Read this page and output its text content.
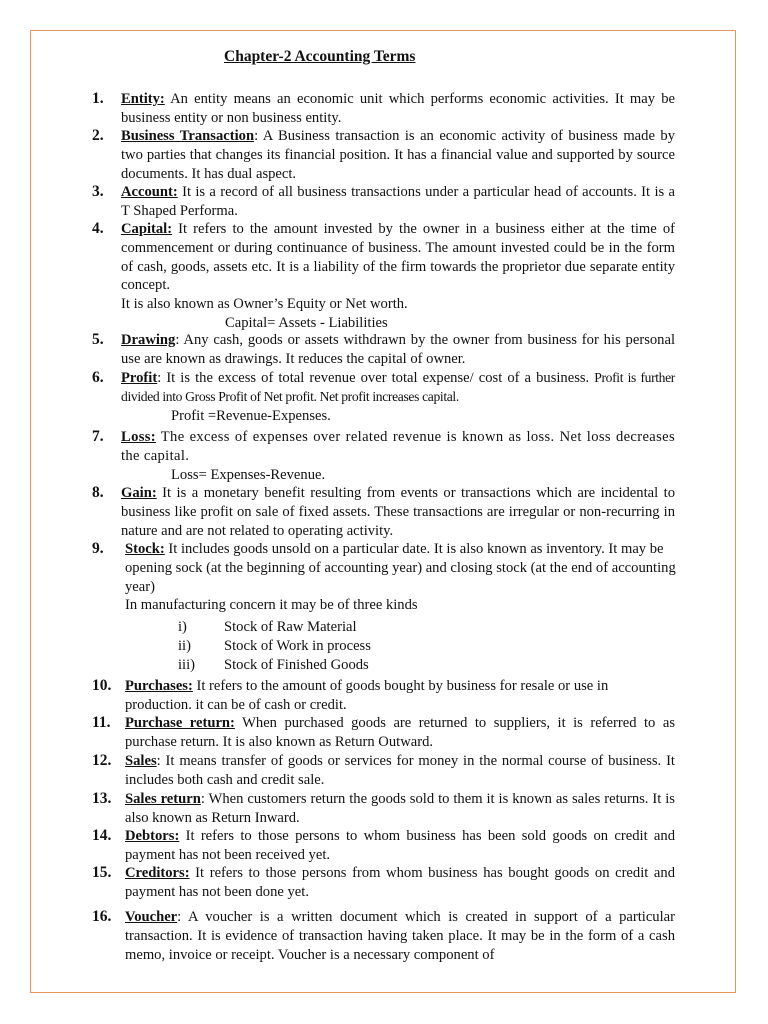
Chapter-2 Accounting Terms
1.	Entity: An entity means an economic unit which performs economic activities. It may be business entity or non business entity.
2.	Business Transaction: A Business transaction is an economic activity of business made by two parties that changes its financial position. It has a financial value and supported by source documents. It has dual aspect.
3.	Account: It is a record of all business transactions under a particular head of accounts. It is a T Shaped Performa.
4.	Capital: It refers to the amount invested by the owner in a business either at the time of commencement or during continuance of business. The amount invested could be in the form of cash, goods, assets etc. It is a liability of the firm towards the proprietor due separate entity concept.
It is also known as Owner’s Equity or Net worth.
Capital= Assets - Liabilities
5.	Drawing: Any cash, goods or assets withdrawn by the owner from business for his personal use are known as drawings. It reduces the capital of owner.
6.	Profit: It is the excess of total revenue over total expense/ cost of a business. Profit is further divided into Gross Profit of Net profit. Net profit increases capital.
Profit =Revenue-Expenses.
7.	Loss: The excess of expenses over related revenue is known as loss. Net loss decreases the capital.
Loss= Expenses-Revenue.
8.	Gain: It is a monetary benefit resulting from events or transactions which are incidental to business like profit on sale of fixed assets. These transactions are irregular or non-recurring in nature and are not related to operating activity.
9.	Stock: It includes goods unsold on a particular date. It is also known as inventory. It may be opening sock (at the beginning of accounting year) and closing stock (at the end of accounting year)
In manufacturing concern it may be of three kinds
i)	Stock of Raw Material
ii) Stock of Work in process
iii) Stock of Finished Goods
10. Purchases: It refers to the amount of goods bought by business for resale or use in production. it can be of cash or credit.
11. Purchase return: When purchased goods are returned to suppliers, it is referred to as purchase return. It is also known as Return Outward.
12. Sales: It means transfer of goods or services for money in the normal course of business. It includes both cash and credit sale.
13. Sales return: When customers return the goods sold to them it is known as sales returns. It is also known as Return Inward.
14. Debtors: It refers to those persons to whom business has been sold goods on credit and payment has not been received yet.
15. Creditors: It refers to those persons from whom business has bought goods on credit and payment has not been done yet.
16. Voucher: A voucher is a written document which is created in support of a particular transaction. It is evidence of transaction having taken place. It may be in the form of a cash memo, invoice or receipt. Voucher is a necessary component of
